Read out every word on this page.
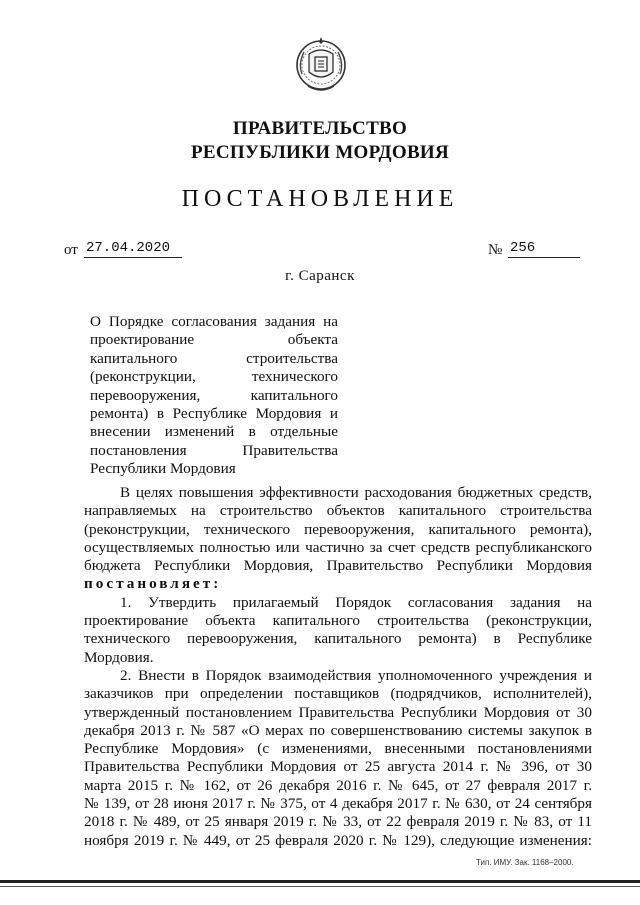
ПРАВИТЕЛЬСТВО
РЕСПУБЛИКИ МОРДОВИЯ
ПОСТАНОВЛЕНИЕ
от 27.04.2020	№ 256
г. Саранск
О Порядке согласования задания на
проектирование объекта
капитального строительства
(реконструкции, технического
перевооружения, капитального
ремонта) в Республике Мордовия и
внесении изменений в отдельные
постановления Правительства
Республики Мордовия
В целях повышения эффективности расходования бюджетных средств,
направляемых на строительство объектов капитального строительства
(реконструкции, технического перевооружения, капитального ремонта),
осуществляемых полностью или частично за счет средств республиканского
бюджета Республики Мордовия, Правительство Республики Мордовия
постановляет:
1. Утвердить прилагаемый Порядок согласования задания на
проектирование объекта капитального строительства (реконструкции,
технического перевооружения, капитального ремонта) в Республике
Мордовия.
2. Внести в Порядок взаимодействия уполномоченного учреждения и
заказчиков при определении поставщиков (подрядчиков, исполнителей),
утвержденный постановлением Правительства Республики Мордовия от 30
декабря 2013 г. № 587 «О мерах по совершенствованию системы закупок в
Республике Мордовия» (с изменениями, внесенными постановлениями
Правительства Республики Мордовия от 25 августа 2014 г. № 396, от 30
марта 2015 г. № 162, от 26 декабря 2016 г. № 645, от 27 февраля 2017 г.
№ 139, от 28 июня 2017 г. № 375, от 4 декабря 2017 г. № 630, от 24 сентября
2018 г. № 489, от 25 января 2019 г. № 33, от 22 февраля 2019 г. № 83, от 11
ноября 2019 г. № 449, от 25 февраля 2020 г. № 129), следующие изменения:
Тип. ИМУ. Зак. 1168–2000.
